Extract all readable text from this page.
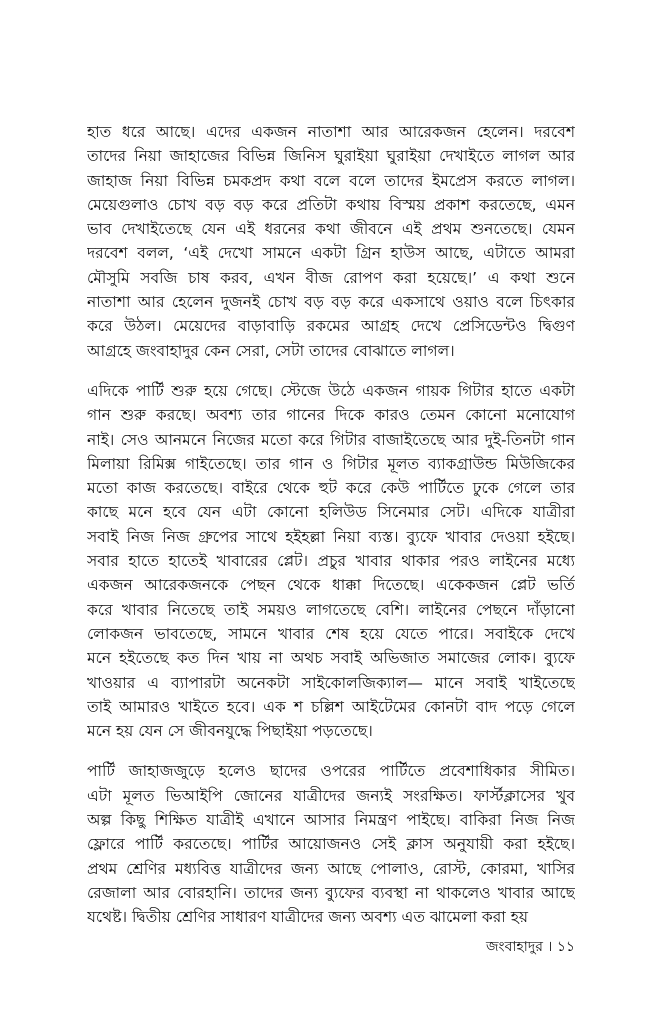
হাত ধরে আছে। এদের একজন নাতাশা আর আরেকজন হেলেন। দরবেশ
তাদের নিয়া জাহাজের বিভিন্ন জিনিস ঘুরাইয়া ঘুরাইয়া দেখাইতে লাগল আর
জাহাজ নিয়া বিভিন্ন চমকপ্রদ কথা বলে বলে তাদের ইমপ্রেস করতে লাগল।
মেয়েগুলাও চোখ বড় বড় করে প্রতিটা কথায় বিস্ময় প্রকাশ করতেছে, এমন
ভাব দেখাইতেছে যেন এই ধরনের কথা জীবনে এই প্রথম শুনতেছে। যেমন
দরবেশ বলল, ‘এই দেখো সামনে একটা গ্রিন হাউস আছে, এটাতে আমরা
মৌসুমি সবজি চাষ করব, এখন বীজ রোপণ করা হয়েছে।’ এ কথা শুনে
নাতাশা আর হেলেন দুজনই চোখ বড় বড় করে একসাথে ওয়াও বলে চিৎকার
করে উঠল। মেয়েদের বাড়াবাড়ি রকমের আগ্রহ দেখে প্রেসিডেন্টও দ্বিগুণ
আগ্রহে জংবাহাদুর কেন সেরা, সেটা তাদের বোঝাতে লাগল।

এদিকে পার্টি শুরু হয়ে গেছে। স্টেজে উঠে একজন গায়ক গিটার হাতে একটা
গান শুরু করছে। অবশ্য তার গানের দিকে কারও তেমন কোনো মনোযোগ
নাই। সেও আনমনে নিজের মতো করে গিটার বাজাইতেছে আর দুই-তিনটা গান
মিলায়া রিমিক্স গাইতেছে। তার গান ও গিটার মূলত ব্যাকগ্রাউন্ড মিউজিকের
মতো কাজ করতেছে। বাইরে থেকে হুট করে কেউ পার্টিতে ঢুকে গেলে তার
কাছে মনে হবে যেন এটা কোনো হলিউড সিনেমার সেট। এদিকে যাত্রীরা
সবাই নিজ নিজ গ্রুপের সাথে হইহল্লা নিয়া ব্যস্ত। ব্যুফে খাবার দেওয়া হইছে।
সবার হাতে হাতেই খাবারের প্লেট। প্রচুর খাবার থাকার পরও লাইনের মধ্যে
একজন আরেকজনকে পেছন থেকে ধাক্কা দিতেছে। একেকজন প্লেট ভর্তি
করে খাবার নিতেছে তাই সময়ও লাগতেছে বেশি। লাইনের পেছনে দাঁড়ানো
লোকজন ভাবতেছে, সামনে খাবার শেষ হয়ে যেতে পারে। সবাইকে দেখে
মনে হইতেছে কত দিন খায় না অথচ সবাই অভিজাত সমাজের লোক। ব্যুফে
খাওয়ার এ ব্যাপারটা অনেকটা সাইকোলজিক্যাল— মানে সবাই খাইতেছে
তাই আমারও খাইতে হবে। এক শ চল্লিশ আইটেমের কোনটা বাদ পড়ে গেলে
মনে হয় যেন সে জীবনযুদ্ধে পিছাইয়া পড়তেছে।

পার্টি জাহাজজুড়ে হলেও ছাদের ওপরের পার্টিতে প্রবেশাধিকার সীমিত।
এটা মূলত ভিআইপি জোনের যাত্রীদের জন্যই সংরক্ষিত। ফার্স্টক্লাসের খুব
অল্প কিছু শিক্ষিত যাত্রীই এখানে আসার নিমন্ত্রণ পাইছে। বাকিরা নিজ নিজ
ফ্লোরে পার্টি করতেছে। পার্টির আয়োজনও সেই ক্লাস অনুযায়ী করা হইছে।
প্রথম শ্রেণির মধ্যবিত্ত যাত্রীদের জন্য আছে পোলাও, রোস্ট, কোরমা, খাসির
রেজালা আর বোরহানি। তাদের জন্য ব্যুফের ব্যবস্থা না থাকলেও খাবার আছে
যথেষ্ট। দ্বিতীয় শ্রেণির সাধারণ যাত্রীদের জন্য অবশ্য এত ঝামেলা করা হয়

জংবাহাদুর । ১১
